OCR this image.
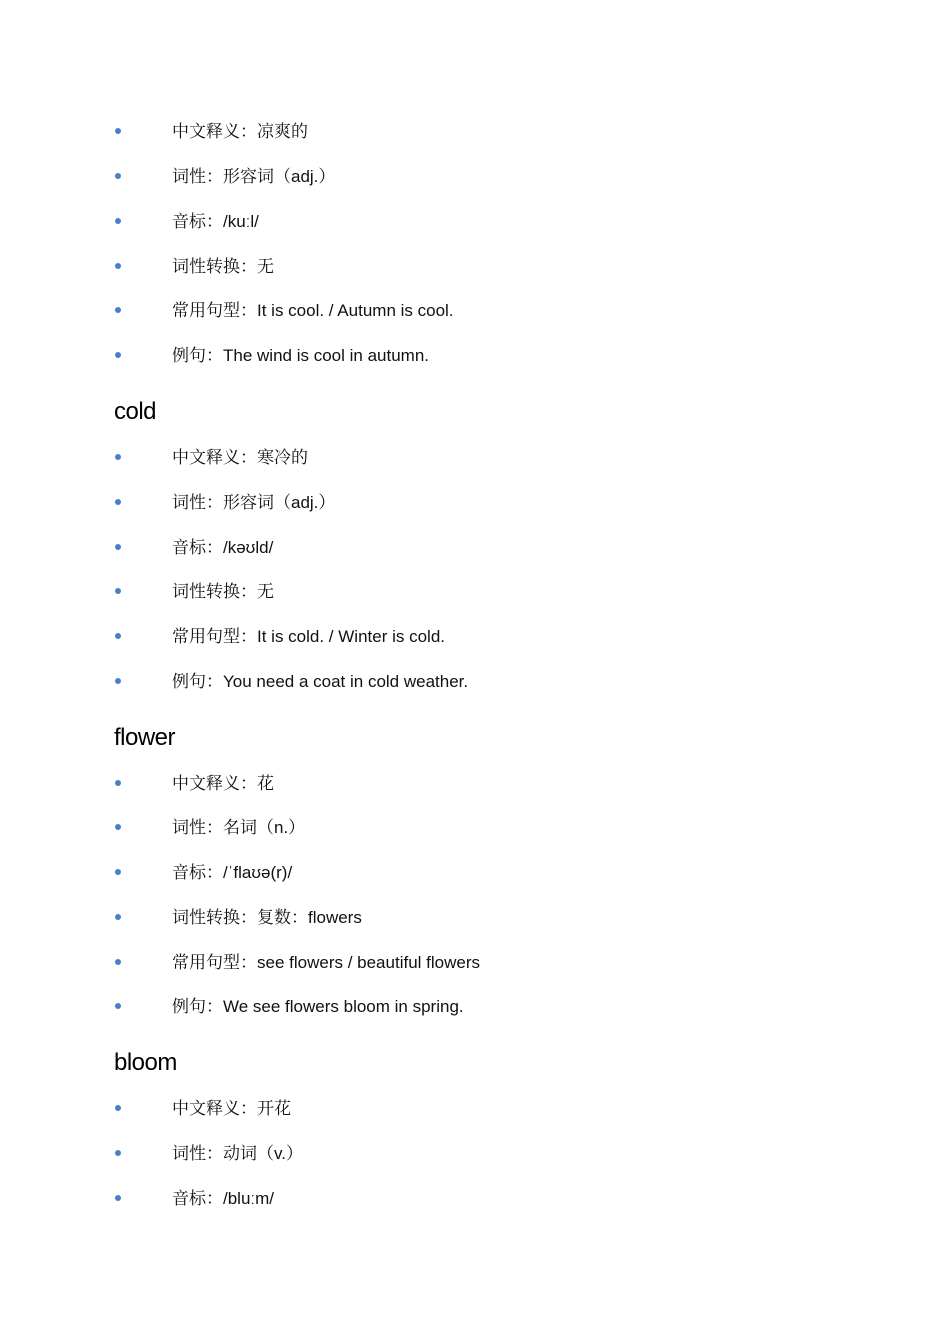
中文释义：凉爽的
词性：形容词（adj.）
音标：/kuːl/
词性转换：无
常用句型：It is cool. / Autumn is cool.
例句：The wind is cool in autumn.
cold
中文释义：寒冷的
词性：形容词（adj.）
音标：/kəʊld/
词性转换：无
常用句型：It is cold. / Winter is cold.
例句：You need a coat in cold weather.
flower
中文释义：花
词性：名词（n.）
音标：/ˈflaʊə(r)/
词性转换：复数：flowers
常用句型：see flowers / beautiful flowers
例句：We see flowers bloom in spring.
bloom
中文释义：开花
词性：动词（v.）
音标：/bluːm/
